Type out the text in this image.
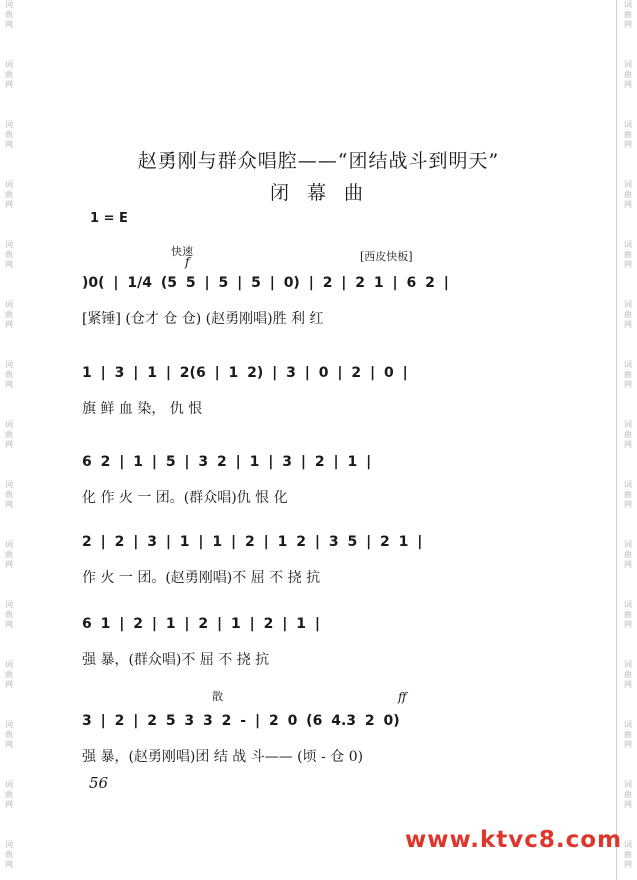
词
曲
网
词
曲
网
词
曲
网
词
曲
网
词
曲
网
词
曲
网
词
曲
网
词
曲
网
词
曲
网
词
曲
网
词
曲
网
词
曲
网
词
曲
网
词
曲
网
词
曲
网
词
曲
网
词
曲
网
词
曲
网
词
曲
网
词
曲
网
词
曲
网
词
曲
网
词
曲
网
词
曲
网
词
曲
网
词
曲
网
词
曲
网
词
曲
网
词
曲
网
词
曲
网
赵勇刚与群众唱腔——“团结战斗到明天”
闭幕曲
1 = E
快速
f	[西皮快板]
)0( | 1/4 (5 5 | 5 | 5 | 0) | 2 | 2 1 | 6 2 |
[紧锤] (仓才 仓 仓) (赵勇刚唱)胜 利 红
1 | 3 | 1 | 2(6 | 1 2) | 3 | 0 | 2 | 0 |
旗 鲜 血 染， 仇 恨
6 2 | 1 | 5 | 3 2 | 1 | 3 | 2 | 1 |
化 作 火 一 团。(群众唱)仇 恨 化
2 | 2 | 3 | 1 | 1 | 2 | 1 2 | 3 5 | 2 1 |
作 火 一 团。(赵勇刚唱)不 屈 不 挠 抗
6 1 | 2 | 1 | 2 | 1 | 2 | 1 |
强 暴，(群众唱)不 屈 不 挠 抗
散	ff
3 | 2 | 2 5 3 3 2 - | 2 0 (6 4.3 2 0)
强 暴，(赵勇刚唱)团 结 战 斗—— (顷 - 仓 0)
56
www.ktvc8.com
